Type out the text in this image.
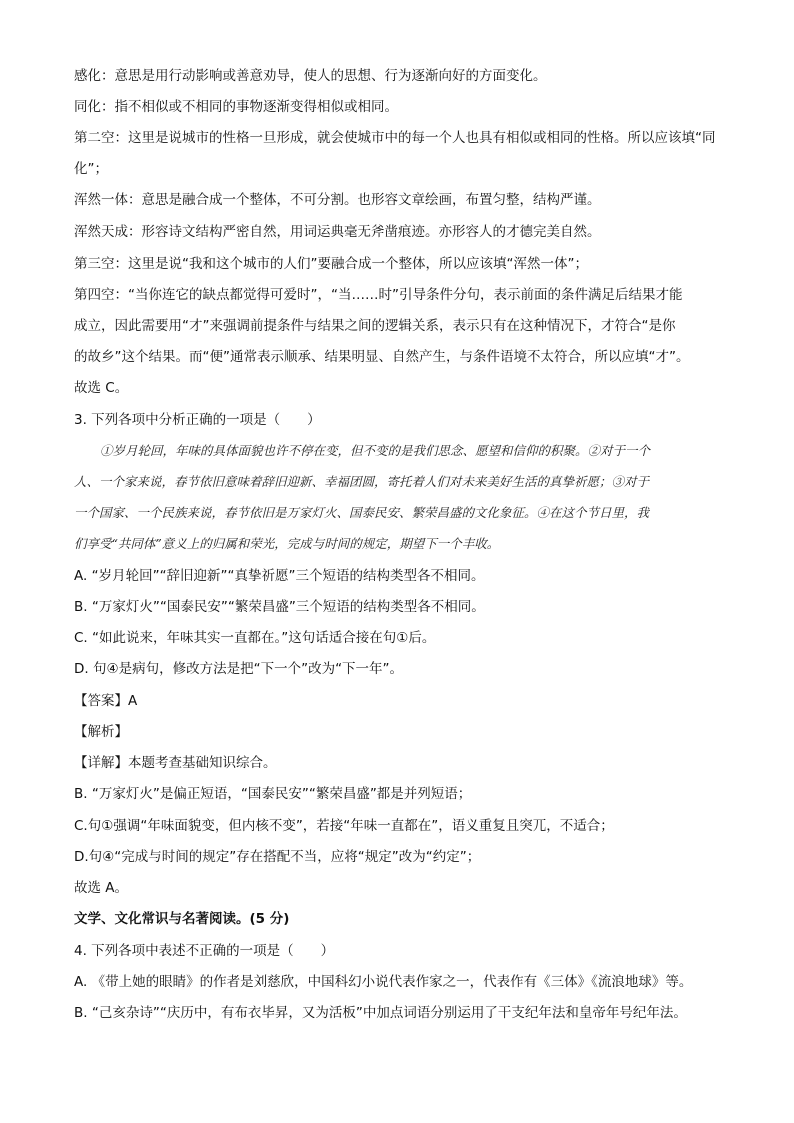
感化：意思是用行动影响或善意劝导，使人的思想、行为逐渐向好的方面变化。
同化：指不相似或不相同的事物逐渐变得相似或相同。
第二空：这里是说城市的性格一旦形成，就会使城市中的每一个人也具有相似或相同的性格。所以应该填“同
化”；
浑然一体：意思是融合成一个整体，不可分割。也形容文章绘画，布置匀整，结构严谨。
浑然天成：形容诗文结构严密自然，用词运典毫无斧凿痕迹。亦形容人的才德完美自然。
第三空：这里是说“我和这个城市的人们”要融合成一个整体，所以应该填“浑然一体”；
第四空：“当你连它的缺点都觉得可爱时”，“当……时”引导条件分句，表示前面的条件满足后结果才能
成立，因此需要用“才”来强调前提条件与结果之间的逻辑关系，表示只有在这种情况下，才符合“是你
的故乡”这个结果。而“便”通常表示顺承、结果明显、自然产生，与条件语境不太符合，所以应填“才”。
故选 C。
3. 下列各项中分析正确的一项是（　　）
①岁月轮回，年味的具体面貌也许不停在变，但不变的是我们思念、愿望和信仰的积聚。②对于一个
人、一个家来说，春节依旧意味着辞旧迎新、幸福团圆，寄托着人们对未来美好生活的真挚祈愿；③对于
一个国家、一个民族来说，春节依旧是万家灯火、国泰民安、繁荣昌盛的文化象征。④在这个节日里，我
们享受“共同体”意义上的归属和荣光，完成与时间的规定，期望下一个丰收。
A. “岁月轮回”“辞旧迎新”“真挚祈愿”三个短语的结构类型各不相同。
B. “万家灯火”“国泰民安”“繁荣昌盛”三个短语的结构类型各不相同。
C. “如此说来，年味其实一直都在。”这句话适合接在句①后。
D. 句④是病句，修改方法是把“下一个”改为“下一年”。
【答案】A
【解析】
【详解】本题考查基础知识综合。
B. “万家灯火”是偏正短语，“国泰民安”“繁荣昌盛”都是并列短语；
C.句①强调“年味面貌变，但内核不变”，若接“年味一直都在”，语义重复且突兀，不适合；
D.句④“完成与时间的规定”存在搭配不当，应将“规定”改为“约定”；
故选 A。
文学、文化常识与名著阅读。(5 分)
4. 下列各项中表述不正确的一项是（　　）
A. 《带上她的眼睛》的作者是刘慈欣，中国科幻小说代表作家之一，代表作有《三体》《流浪地球》等。
B. “己亥杂诗”“庆历中，有布衣毕昇，又为活板”中加点词语分别运用了干支纪年法和皇帝年号纪年法。
